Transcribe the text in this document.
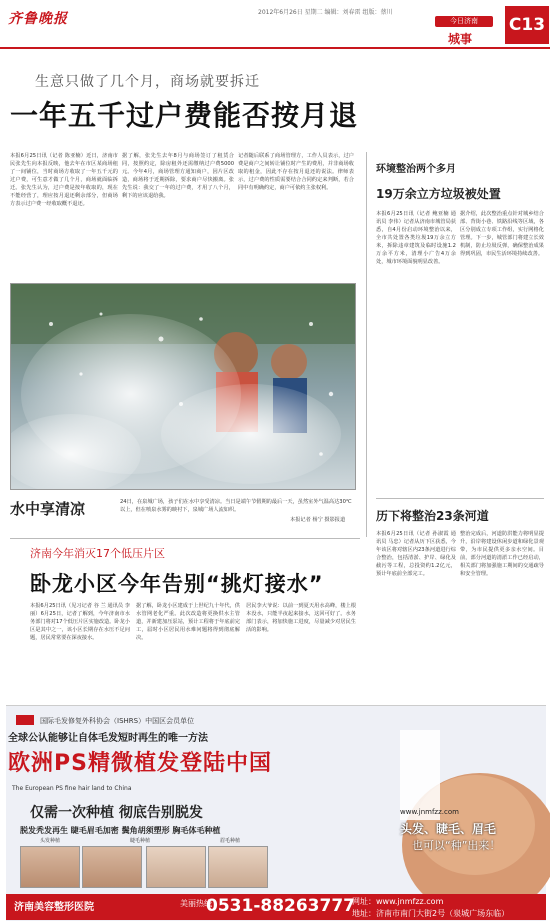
齐鲁晚报	2012年6月26日 星期二 编辑：刘春雷 组版：蔡川
今日济南
城事
C13
生意只做了几个月，商场就要拆迁
一年五千过户费能否按月退
本报6月25日讯（记者 陈亚楠）近日，济南市民张先生向本报反映，他去年在市区某商场租了一间铺位，当时商场方收取了一年五千元的过户费，可生意才做了几个月，商场就面临拆迁。张先生认为，过户费是按年收取的，现在不能经营了，理应按月退还剩余部分，但商场方表示过户费一经收取概不退还。
据了解，张先生去年8月与商场签订了租赁合同，按照约定，除房租外还需缴纳过户费5000元。今年4月，商场管理方通知商户，因片区改造，商场将于近期拆除，要求商户尽快搬离。张先生说：我交了一年的过户费，才用了八个月，剩下的应该退给我。
记者随后联系了商场管理方，工作人员表示，过户费是商户之间转让铺位时产生的费用，并非商场收取的租金，因此不存在按月退还的说法。律师表示，过户费的性质需要结合合同约定来判断，若合同中有明确约定，商户可依约主张权利。
水中享清凉	24日，在泉城广场，孩子们在水中享受清凉。当日是端午节假期的最后一天，虽然室外气温高达30℃以上，但在喷泉水雾的映衬下，泉城广场人流如织。
本报记者 杨宁 摄影报道
环境整治两个多月
19万余立方垃圾被处置
本报6月25日讯（记者 鲍亚楠 通讯员 李伟）记者从济南市城管局获悉，自4月份启动环境整治以来，全市共处置各类垃圾19万余立方米，拆除违章建筑及临时设施1.2万余平方米，清理小广告4万余处，城市环境面貌明显改善。
据介绍，此次整治重点针对城乡结合部、背街小巷、铁路沿线等区域，各区分别成立专项工作组，实行网格化管理。下一步，城管部门将建立长效机制，防止垃圾反弹，确保整治成果得到巩固，市民生活环境持续改善。
历下将整治23条河道
本报6月25日讯（记者 孙淑霞 通讯员 马忠）记者从历下区获悉，今年该区将对辖区内23条河道进行综合整治，包括清淤、护岸、绿化及截污等工程，总投资约1.2亿元，预计年底前全部完工。
整治完成后，河道防洪能力将明显提升，沿岸将建设休闲步道和绿化景观带，为市民提供更多亲水空间。目前，部分河道的清淤工作已经启动，相关部门将加强施工期间的交通疏导和安全管理。
济南今年消灭17个低压片区
卧龙小区今年告别“挑灯接水”
本报6月25日讯（见习记者 谷 兰 通讯员 李丽）6月25日，记者了解到，今年济南市水务部门将对17个低压片区实施改造。卧龙小区是其中之一，该小区长期存在水压不足问题，居民常常要在深夜接水。
据了解，卧龙小区建成于上世纪九十年代，供水管网老化严重。此次改造将更换供水主管道，并新建加压泵站，预计工程将于年底前完工，届时小区居民用水难问题将得到彻底解决。
居民李大爷说：以前一到夏天用水高峰，楼上根本没水，只能半夜起来接水，这回可好了。水务部门表示，将加快施工进度，尽量减少对居民生活的影响。
国际毛发修复外科协会（ISHRS）中国区会员单位
全球公认能够让自体毛发短时再生的唯一方法
欧洲PS精微植发登陆中国
The European PS fine hair land to China
仅需一次种植 彻底告别脱发
脱发秃发再生 睫毛眉毛加密 鬓角胡须塑形 胸毛体毛种植
头发种植	睫毛种植	眉毛种植
www.jnmfzz.com
头发、睫毛、眉毛
也可以“种”出来！
济南美容整形医院	美丽热线
0531-88263777
网址：www.jnmfzz.com
地址：济南市南门大街2号（泉城广场东临）
